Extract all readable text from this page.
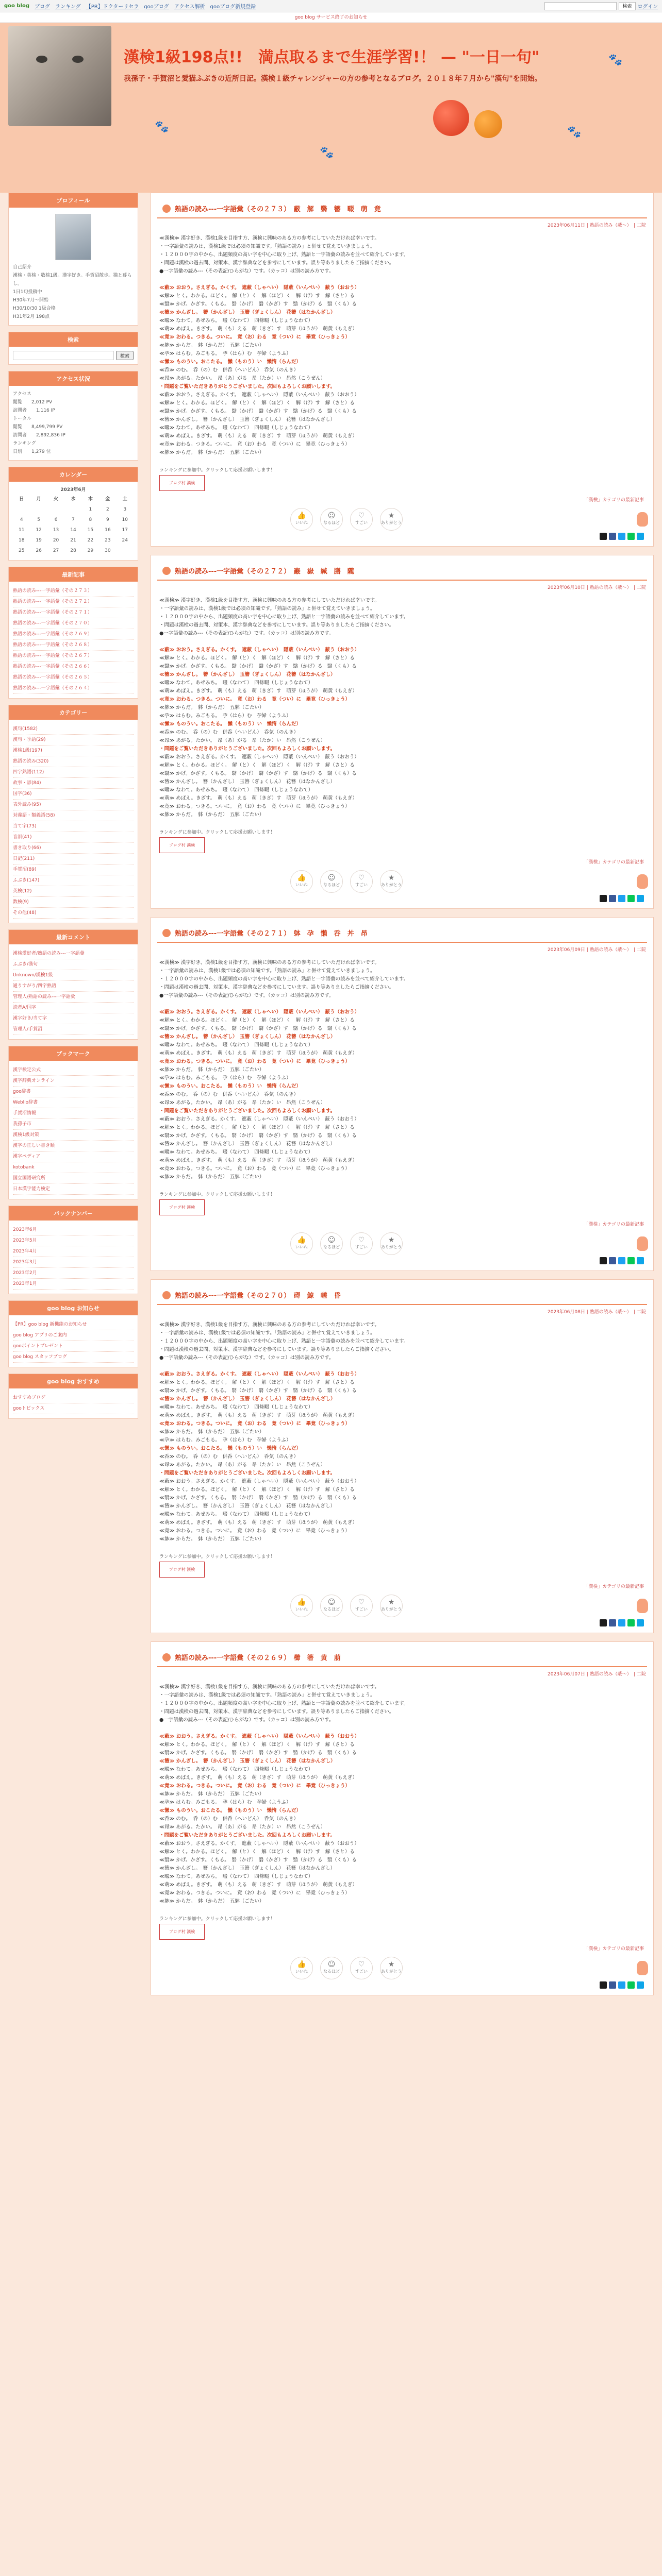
goo blog ブログ ランキング 【PR】ドクターリセラ gooブログ アクセス解析 gooブログ新規登録	検索	ログイン
goo blog サービス終了のお知らせ
漢検1級198点!!　満点取るまで生涯学習!！ — "一日一句"
我孫子・手賀沼と愛猫ふぶきの近所日記。漢検１級チャレンジャーの方の参考となるブログ。２０１８年７月から"漢句"を開始。
🐾
🐾
🐾
🐾
プロフィール
自己紹介
漢検・英検・数検1級。漢字好き。手賀沼散歩。猫と暮らし。
1日1句投稿中
H30年7月〜開始
H30/10/30 1級合格
H31年2月 198点
検索
検索
アクセス状況
アクセス
閲覧　　2,012 PV
訪問者　　1,116 IP
トータル
閲覧　　8,499,799 PV
訪問者　　2,892,836 IP
ランキング
日別　　1,279 位
カレンダー
2023年6月
日	月	火	水	木	金	土
				1	2	3
4	5	6	7	8	9	10
11	12	13	14	15	16	17
18	19	20	21	22	23	24
25	26	27	28	29	30	
最新記事
熟語の読み---一字語彙（その２７３）
熟語の読み---一字語彙（その２７２）
熟語の読み---一字語彙（その２７１）
熟語の読み---一字語彙（その２７０）
熟語の読み---一字語彙（その２６９）
熟語の読み---一字語彙（その２６８）
熟語の読み---一字語彙（その２６７）
熟語の読み---一字語彙（その２６６）
熟語の読み---一字語彙（その２６５）
熟語の読み---一字語彙（その２６４）
カテゴリー
漢句(1582)
漢句・季語(29)
漢検1級(197)
熟語の読み(320)
四字熟語(112)
故事・諺(84)
国字(36)
表外読み(95)
対義語・類義語(58)
当て字(73)
音訓(41)
書き取り(66)
日記(211)
手賀沼(89)
ふぶき(147)
英検(12)
数検(9)
その他(48)
最新コメント
漢検愛好者/熟語の読み---一字語彙
ふぶき/漢句
Unknown/漢検1級
通りすがり/四字熟語
管理人/熟語の読み---一字語彙
読者A/国字
漢字好き/当て字
管理人/手賀沼
ブックマーク
漢字検定公式
漢字辞典オンライン
goo辞書
Weblio辞書
手賀沼情報
我孫子市
漢検1級対策
漢字の正しい書き順
漢字ペディア
kotobank
国立国語研究所
日本漢字能力検定
バックナンバー
2023年6月
2023年5月
2023年4月
2023年3月
2023年2月
2023年1月
goo blog お知らせ
【PR】goo blog 新機能のお知らせ
goo blog アプリのご案内
gooポイントプレゼント
goo blog スタッフブログ
goo blog おすすめ
おすすめブログ
gooトピックス
熟語の読み---一字語彙（その２７３）　蔽　解　翳　簪　畷　萌　竟
2023年06月11日 | 熟語の読み（蔽〜）　| 二院

≪漢検≫ 漢字好き、漢検1級を目指す方、漢検に興味のある方の参考にしていただければ幸いです。

・一字語彙の読みは、漢検1級では必須の知識です。「熟語の読み」と併せて覚えていきましょう。

・１２０００字の中から、出題頻度の高い字を中心に取り上げ、熟語と一字語彙の読みを並べて紹介しています。

・問題は漢検の過去問、対策本、漢字辞典などを参考にしています。誤り等ありましたらご指摘ください。

●一字語彙の読み---（その表記/ひらがな）です。（カッコ）は別の読み方です。

≪蔽≫ おおう。さえぎる。かくす。　遮蔽（しゃへい）　隠蔽（いんぺい）　蔽う（おおう）

≪解≫ とく。わかる。ほどく。　解（と）く　解（ほど）く　解（げ）す　解（さと）る

≪翳≫ かげ。かざす。くもる。　翳（かげ）　翳（かざ）す　翳（かげ）る　翳（くも）る

≪簪≫ かんざし。　簪（かんざし）　玉簪（ぎょくしん）　花簪（はなかんざし）

≪畷≫ なわて。あぜみち。　畷（なわて）　四條畷（しじょうなわて）

≪萌≫ めばえ。きざす。　萌（も）える　萌（きざ）す　萌芽（ほうが）　萌黄（もえぎ）

≪竟≫ おわる。つきる。ついに。　竟（お）わる　竟（つい）に　畢竟（ひっきょう）

≪躰≫ からだ。　躰（からだ）　五躰（ごたい）

≪孕≫ はらむ。みごもる。　孕（はら）む　孕婦（ようふ）

≪懶≫ ものうい。おこたる。　懶（ものう）い　懶惰（らんだ）

≪呑≫ のむ。　呑（の）む　併呑（へいどん）　呑気（のんき）

≪昂≫ あがる。たかい。　昂（あ）がる　昂（たか）い　昂然（こうぜん）

・問題をご覧いただきありがとうございました。次回もよろしくお願いします。

≪蔽≫ おおう。さえぎる。かくす。　遮蔽（しゃへい）　隠蔽（いんぺい）　蔽う（おおう）

≪解≫ とく。わかる。ほどく。　解（と）く　解（ほど）く　解（げ）す　解（さと）る

≪翳≫ かげ。かざす。くもる。　翳（かげ）　翳（かざ）す　翳（かげ）る　翳（くも）る

≪簪≫ かんざし。　簪（かんざし）　玉簪（ぎょくしん）　花簪（はなかんざし）

≪畷≫ なわて。あぜみち。　畷（なわて）　四條畷（しじょうなわて）

≪萌≫ めばえ。きざす。　萌（も）える　萌（きざ）す　萌芽（ほうが）　萌黄（もえぎ）

≪竟≫ おわる。つきる。ついに。　竟（お）わる　竟（つい）に　畢竟（ひっきょう）

≪躰≫ からだ。　躰（からだ）　五躰（ごたい）

ランキングに参加中。クリックして応援お願いします！
ブログ村 漢検
「漢検」カテゴリの最新記事
👍
いいね
☺
なるほど
♡
すごい
★
ありがとう
熟語の読み---一字語彙（その２７２）　巖　嶽　緘　膳　隴
2023年06月10日 | 熟語の読み（蔽〜）　| 二院

≪漢検≫ 漢字好き、漢検1級を目指す方、漢検に興味のある方の参考にしていただければ幸いです。

・一字語彙の読みは、漢検1級では必須の知識です。「熟語の読み」と併せて覚えていきましょう。

・１２０００字の中から、出題頻度の高い字を中心に取り上げ、熟語と一字語彙の読みを並べて紹介しています。

・問題は漢検の過去問、対策本、漢字辞典などを参考にしています。誤り等ありましたらご指摘ください。

●一字語彙の読み---（その表記/ひらがな）です。（カッコ）は別の読み方です。

≪蔽≫ おおう。さえぎる。かくす。　遮蔽（しゃへい）　隠蔽（いんぺい）　蔽う（おおう）

≪解≫ とく。わかる。ほどく。　解（と）く　解（ほど）く　解（げ）す　解（さと）る

≪翳≫ かげ。かざす。くもる。　翳（かげ）　翳（かざ）す　翳（かげ）る　翳（くも）る

≪簪≫ かんざし。　簪（かんざし）　玉簪（ぎょくしん）　花簪（はなかんざし）

≪畷≫ なわて。あぜみち。　畷（なわて）　四條畷（しじょうなわて）

≪萌≫ めばえ。きざす。　萌（も）える　萌（きざ）す　萌芽（ほうが）　萌黄（もえぎ）

≪竟≫ おわる。つきる。ついに。　竟（お）わる　竟（つい）に　畢竟（ひっきょう）

≪躰≫ からだ。　躰（からだ）　五躰（ごたい）

≪孕≫ はらむ。みごもる。　孕（はら）む　孕婦（ようふ）

≪懶≫ ものうい。おこたる。　懶（ものう）い　懶惰（らんだ）

≪呑≫ のむ。　呑（の）む　併呑（へいどん）　呑気（のんき）

≪昂≫ あがる。たかい。　昂（あ）がる　昂（たか）い　昂然（こうぜん）

・問題をご覧いただきありがとうございました。次回もよろしくお願いします。

≪蔽≫ おおう。さえぎる。かくす。　遮蔽（しゃへい）　隠蔽（いんぺい）　蔽う（おおう）

≪解≫ とく。わかる。ほどく。　解（と）く　解（ほど）く　解（げ）す　解（さと）る

≪翳≫ かげ。かざす。くもる。　翳（かげ）　翳（かざ）す　翳（かげ）る　翳（くも）る

≪簪≫ かんざし。　簪（かんざし）　玉簪（ぎょくしん）　花簪（はなかんざし）

≪畷≫ なわて。あぜみち。　畷（なわて）　四條畷（しじょうなわて）

≪萌≫ めばえ。きざす。　萌（も）える　萌（きざ）す　萌芽（ほうが）　萌黄（もえぎ）

≪竟≫ おわる。つきる。ついに。　竟（お）わる　竟（つい）に　畢竟（ひっきょう）

≪躰≫ からだ。　躰（からだ）　五躰（ごたい）

ランキングに参加中。クリックして応援お願いします！
ブログ村 漢検
「漢検」カテゴリの最新記事
👍
いいね
☺
なるほど
♡
すごい
★
ありがとう
熟語の読み---一字語彙（その２７１）　躰　孕　懶　呑　丼　昂
2023年06月09日 | 熟語の読み（蔽〜）　| 二院

≪漢検≫ 漢字好き、漢検1級を目指す方、漢検に興味のある方の参考にしていただければ幸いです。

・一字語彙の読みは、漢検1級では必須の知識です。「熟語の読み」と併せて覚えていきましょう。

・１２０００字の中から、出題頻度の高い字を中心に取り上げ、熟語と一字語彙の読みを並べて紹介しています。

・問題は漢検の過去問、対策本、漢字辞典などを参考にしています。誤り等ありましたらご指摘ください。

●一字語彙の読み---（その表記/ひらがな）です。（カッコ）は別の読み方です。

≪蔽≫ おおう。さえぎる。かくす。　遮蔽（しゃへい）　隠蔽（いんぺい）　蔽う（おおう）

≪解≫ とく。わかる。ほどく。　解（と）く　解（ほど）く　解（げ）す　解（さと）る

≪翳≫ かげ。かざす。くもる。　翳（かげ）　翳（かざ）す　翳（かげ）る　翳（くも）る

≪簪≫ かんざし。　簪（かんざし）　玉簪（ぎょくしん）　花簪（はなかんざし）

≪畷≫ なわて。あぜみち。　畷（なわて）　四條畷（しじょうなわて）

≪萌≫ めばえ。きざす。　萌（も）える　萌（きざ）す　萌芽（ほうが）　萌黄（もえぎ）

≪竟≫ おわる。つきる。ついに。　竟（お）わる　竟（つい）に　畢竟（ひっきょう）

≪躰≫ からだ。　躰（からだ）　五躰（ごたい）

≪孕≫ はらむ。みごもる。　孕（はら）む　孕婦（ようふ）

≪懶≫ ものうい。おこたる。　懶（ものう）い　懶惰（らんだ）

≪呑≫ のむ。　呑（の）む　併呑（へいどん）　呑気（のんき）

≪昂≫ あがる。たかい。　昂（あ）がる　昂（たか）い　昂然（こうぜん）

・問題をご覧いただきありがとうございました。次回もよろしくお願いします。

≪蔽≫ おおう。さえぎる。かくす。　遮蔽（しゃへい）　隠蔽（いんぺい）　蔽う（おおう）

≪解≫ とく。わかる。ほどく。　解（と）く　解（ほど）く　解（げ）す　解（さと）る

≪翳≫ かげ。かざす。くもる。　翳（かげ）　翳（かざ）す　翳（かげ）る　翳（くも）る

≪簪≫ かんざし。　簪（かんざし）　玉簪（ぎょくしん）　花簪（はなかんざし）

≪畷≫ なわて。あぜみち。　畷（なわて）　四條畷（しじょうなわて）

≪萌≫ めばえ。きざす。　萌（も）える　萌（きざ）す　萌芽（ほうが）　萌黄（もえぎ）

≪竟≫ おわる。つきる。ついに。　竟（お）わる　竟（つい）に　畢竟（ひっきょう）

≪躰≫ からだ。　躰（からだ）　五躰（ごたい）

ランキングに参加中。クリックして応援お願いします！
ブログ村 漢検
「漢検」カテゴリの最新記事
👍
いいね
☺
なるほど
♡
すごい
★
ありがとう
熟語の読み---一字語彙（その２７０）　碍　鯨　嵯　昏
2023年06月08日 | 熟語の読み（蔽〜）　| 二院

≪漢検≫ 漢字好き、漢検1級を目指す方、漢検に興味のある方の参考にしていただければ幸いです。

・一字語彙の読みは、漢検1級では必須の知識です。「熟語の読み」と併せて覚えていきましょう。

・１２０００字の中から、出題頻度の高い字を中心に取り上げ、熟語と一字語彙の読みを並べて紹介しています。

・問題は漢検の過去問、対策本、漢字辞典などを参考にしています。誤り等ありましたらご指摘ください。

●一字語彙の読み---（その表記/ひらがな）です。（カッコ）は別の読み方です。

≪蔽≫ おおう。さえぎる。かくす。　遮蔽（しゃへい）　隠蔽（いんぺい）　蔽う（おおう）

≪解≫ とく。わかる。ほどく。　解（と）く　解（ほど）く　解（げ）す　解（さと）る

≪翳≫ かげ。かざす。くもる。　翳（かげ）　翳（かざ）す　翳（かげ）る　翳（くも）る

≪簪≫ かんざし。　簪（かんざし）　玉簪（ぎょくしん）　花簪（はなかんざし）

≪畷≫ なわて。あぜみち。　畷（なわて）　四條畷（しじょうなわて）

≪萌≫ めばえ。きざす。　萌（も）える　萌（きざ）す　萌芽（ほうが）　萌黄（もえぎ）

≪竟≫ おわる。つきる。ついに。　竟（お）わる　竟（つい）に　畢竟（ひっきょう）

≪躰≫ からだ。　躰（からだ）　五躰（ごたい）

≪孕≫ はらむ。みごもる。　孕（はら）む　孕婦（ようふ）

≪懶≫ ものうい。おこたる。　懶（ものう）い　懶惰（らんだ）

≪呑≫ のむ。　呑（の）む　併呑（へいどん）　呑気（のんき）

≪昂≫ あがる。たかい。　昂（あ）がる　昂（たか）い　昂然（こうぜん）

・問題をご覧いただきありがとうございました。次回もよろしくお願いします。

≪蔽≫ おおう。さえぎる。かくす。　遮蔽（しゃへい）　隠蔽（いんぺい）　蔽う（おおう）

≪解≫ とく。わかる。ほどく。　解（と）く　解（ほど）く　解（げ）す　解（さと）る

≪翳≫ かげ。かざす。くもる。　翳（かげ）　翳（かざ）す　翳（かげ）る　翳（くも）る

≪簪≫ かんざし。　簪（かんざし）　玉簪（ぎょくしん）　花簪（はなかんざし）

≪畷≫ なわて。あぜみち。　畷（なわて）　四條畷（しじょうなわて）

≪萌≫ めばえ。きざす。　萌（も）える　萌（きざ）す　萌芽（ほうが）　萌黄（もえぎ）

≪竟≫ おわる。つきる。ついに。　竟（お）わる　竟（つい）に　畢竟（ひっきょう）

≪躰≫ からだ。　躰（からだ）　五躰（ごたい）

ランキングに参加中。クリックして応援お願いします！
ブログ村 漢検
「漢検」カテゴリの最新記事
👍
いいね
☺
なるほど
♡
すごい
★
ありがとう
熟語の読み---一字語彙（その２６９）　櫛　箸　黄　萠
2023年06月07日 | 熟語の読み（蔽〜）　| 二院

≪漢検≫ 漢字好き、漢検1級を目指す方、漢検に興味のある方の参考にしていただければ幸いです。

・一字語彙の読みは、漢検1級では必須の知識です。「熟語の読み」と併せて覚えていきましょう。

・１２０００字の中から、出題頻度の高い字を中心に取り上げ、熟語と一字語彙の読みを並べて紹介しています。

・問題は漢検の過去問、対策本、漢字辞典などを参考にしています。誤り等ありましたらご指摘ください。

●一字語彙の読み---（その表記/ひらがな）です。（カッコ）は別の読み方です。

≪蔽≫ おおう。さえぎる。かくす。　遮蔽（しゃへい）　隠蔽（いんぺい）　蔽う（おおう）

≪解≫ とく。わかる。ほどく。　解（と）く　解（ほど）く　解（げ）す　解（さと）る

≪翳≫ かげ。かざす。くもる。　翳（かげ）　翳（かざ）す　翳（かげ）る　翳（くも）る

≪簪≫ かんざし。　簪（かんざし）　玉簪（ぎょくしん）　花簪（はなかんざし）

≪畷≫ なわて。あぜみち。　畷（なわて）　四條畷（しじょうなわて）

≪萌≫ めばえ。きざす。　萌（も）える　萌（きざ）す　萌芽（ほうが）　萌黄（もえぎ）

≪竟≫ おわる。つきる。ついに。　竟（お）わる　竟（つい）に　畢竟（ひっきょう）

≪躰≫ からだ。　躰（からだ）　五躰（ごたい）

≪孕≫ はらむ。みごもる。　孕（はら）む　孕婦（ようふ）

≪懶≫ ものうい。おこたる。　懶（ものう）い　懶惰（らんだ）

≪呑≫ のむ。　呑（の）む　併呑（へいどん）　呑気（のんき）

≪昂≫ あがる。たかい。　昂（あ）がる　昂（たか）い　昂然（こうぜん）

・問題をご覧いただきありがとうございました。次回もよろしくお願いします。

≪蔽≫ おおう。さえぎる。かくす。　遮蔽（しゃへい）　隠蔽（いんぺい）　蔽う（おおう）

≪解≫ とく。わかる。ほどく。　解（と）く　解（ほど）く　解（げ）す　解（さと）る

≪翳≫ かげ。かざす。くもる。　翳（かげ）　翳（かざ）す　翳（かげ）る　翳（くも）る

≪簪≫ かんざし。　簪（かんざし）　玉簪（ぎょくしん）　花簪（はなかんざし）

≪畷≫ なわて。あぜみち。　畷（なわて）　四條畷（しじょうなわて）

≪萌≫ めばえ。きざす。　萌（も）える　萌（きざ）す　萌芽（ほうが）　萌黄（もえぎ）

≪竟≫ おわる。つきる。ついに。　竟（お）わる　竟（つい）に　畢竟（ひっきょう）

≪躰≫ からだ。　躰（からだ）　五躰（ごたい）

ランキングに参加中。クリックして応援お願いします！
ブログ村 漢検
「漢検」カテゴリの最新記事
👍
いいね
☺
なるほど
♡
すごい
★
ありがとう
